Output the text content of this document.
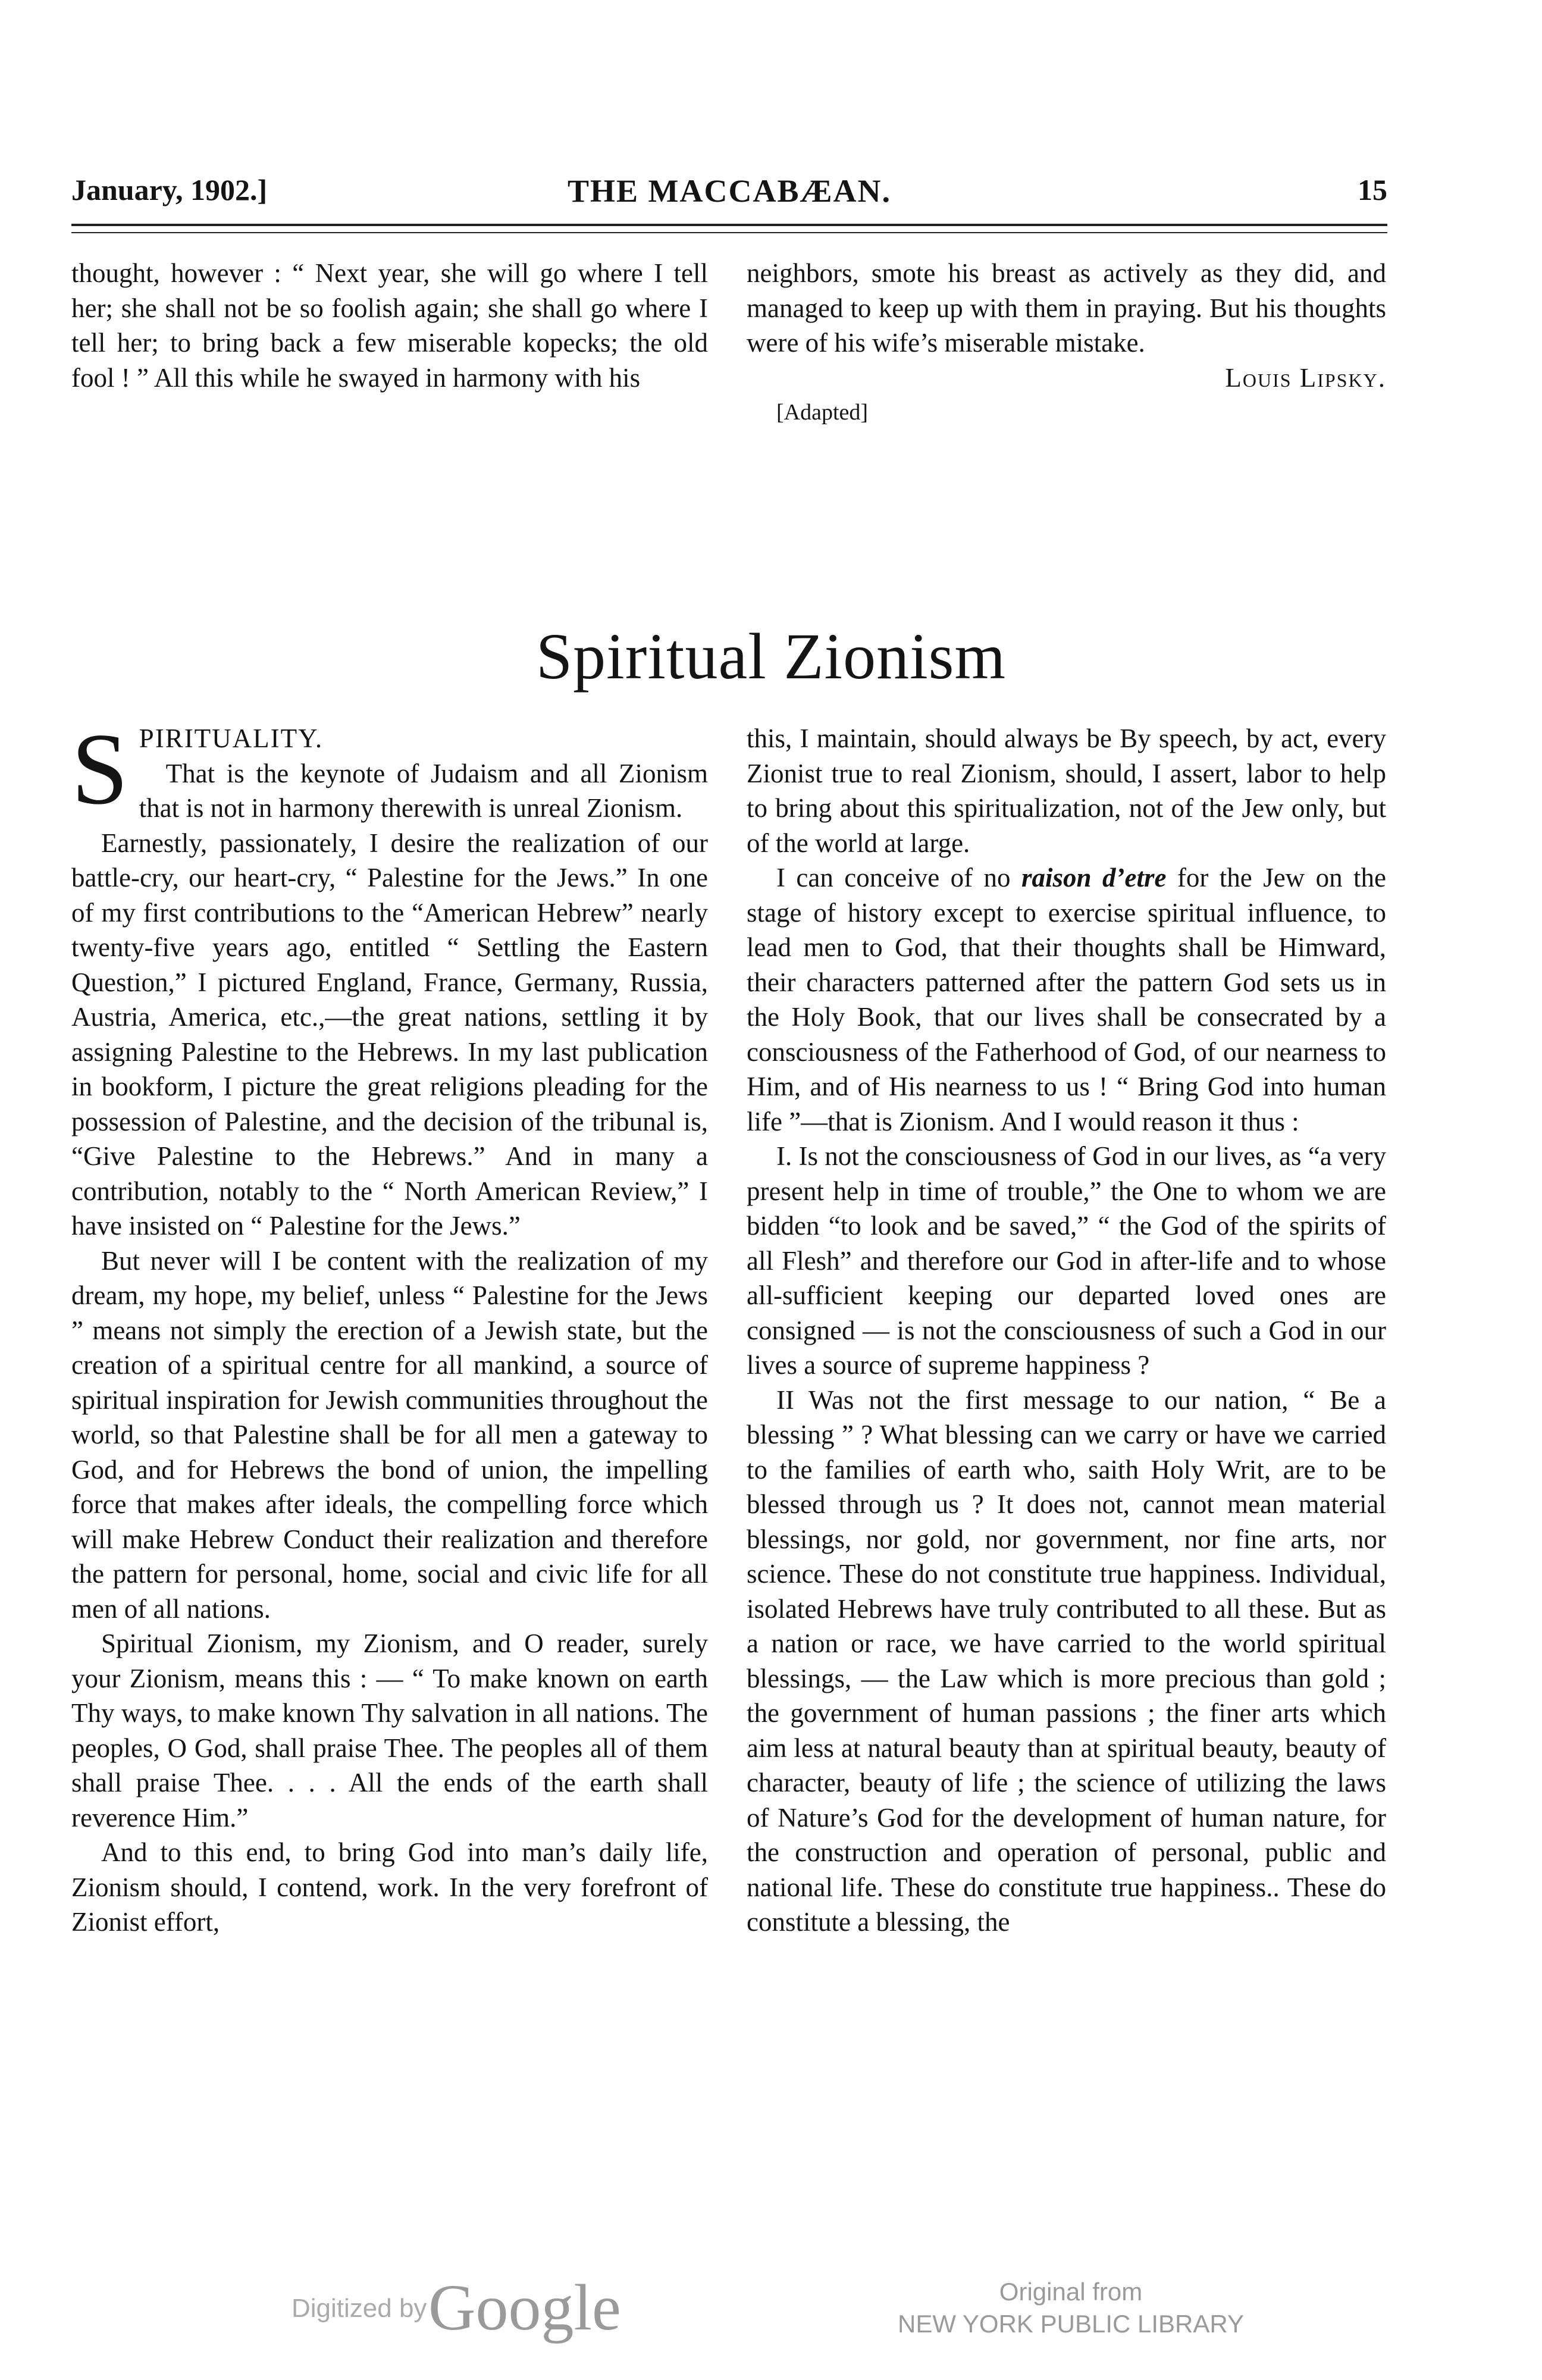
January, 1902.]	THE MACCABÆAN.	15

thought, however : “ Next year, she will go where I tell her; she shall not be so foolish again; she shall go where I tell her; to bring back a few miserable kopecks; the old fool ! ” All this while he swayed in harmony with his

neighbors, smote his breast as actively as they did, and managed to keep up with them in praying. But his thoughts were of his wife’s miserable mistake.

Louis Lipsky.

[Adapted]

Spiritual Zionism

SPIRITUALITY.
 That is the keynote of Judaism and all Zionism that is not in harmony therewith is unreal Zionism.

Earnestly, passionately, I desire the realization of our battle-cry, our heart-cry, “ Palestine for the Jews.” In one of my first contributions to the “American Hebrew” nearly twenty-five years ago, entitled “ Settling the Eastern Question,” I pictured England, France, Germany, Russia, Austria, America, etc.,—the great nations, settling it by assigning Palestine to the Hebrews. In my last publication in bookform, I picture the great religions pleading for the possession of Palestine, and the decision of the tribunal is, “Give Palestine to the Hebrews.” And in many a contribution, notably to the “ North American Review,” I have insisted on “ Palestine for the Jews.”

But never will I be content with the realization of my dream, my hope, my belief, unless “ Palestine for the Jews ” means not simply the erection of a Jewish state, but the creation of a spiritual centre for all mankind, a source of spiritual inspiration for Jewish communities throughout the world, so that Palestine shall be for all men a gateway to God, and for Hebrews the bond of union, the impelling force that makes after ideals, the compelling force which will make Hebrew Conduct their realization and therefore the pattern for personal, home, social and civic life for all men of all nations.

Spiritual Zionism, my Zionism, and O reader, surely your Zionism, means this : — “ To make known on earth Thy ways, to make known Thy salvation in all nations. The peoples, O God, shall praise Thee. The peoples all of them shall praise Thee. . . . All the ends of the earth shall reverence Him.”

And to this end, to bring God into man’s daily life, Zionism should, I contend, work. In the very forefront of Zionist effort,

this, I maintain, should always be By speech, by act, every Zionist true to real Zionism, should, I assert, labor to help to bring about this spiritualization, not of the Jew only, but of the world at large.

I can conceive of no raison d’etre for the Jew on the stage of history except to exercise spiritual influence, to lead men to God, that their thoughts shall be Himward, their characters patterned after the pattern God sets us in the Holy Book, that our lives shall be consecrated by a consciousness of the Fatherhood of God, of our nearness to Him, and of His nearness to us ! “ Bring God into human life ”—that is Zionism. And I would reason it thus :

I. Is not the consciousness of God in our lives, as “a very present help in time of trouble,” the One to whom we are bidden “to look and be saved,” “ the God of the spirits of all Flesh” and therefore our God in after-life and to whose all-sufficient keeping our departed loved ones are consigned — is not the consciousness of such a God in our lives a source of supreme happiness ?

II Was not the first message to our nation, “ Be a blessing ” ? What blessing can we carry or have we carried to the families of earth who, saith Holy Writ, are to be blessed through us ? It does not, cannot mean material blessings, nor gold, nor government, nor fine arts, nor science. These do not constitute true happiness. Individual, isolated Hebrews have truly contributed to all these. But as a nation or race, we have carried to the world spiritual blessings, — the Law which is more precious than gold ; the government of human passions ; the finer arts which aim less at natural beauty than at spiritual beauty, beauty of character, beauty of life ; the science of utilizing the laws of Nature’s God for the development of human nature, for the construction and operation of personal, public and national life. These do constitute true happiness.. These do constitute a blessing, the

Digitized by Google	Original from
NEW YORK PUBLIC LIBRARY
